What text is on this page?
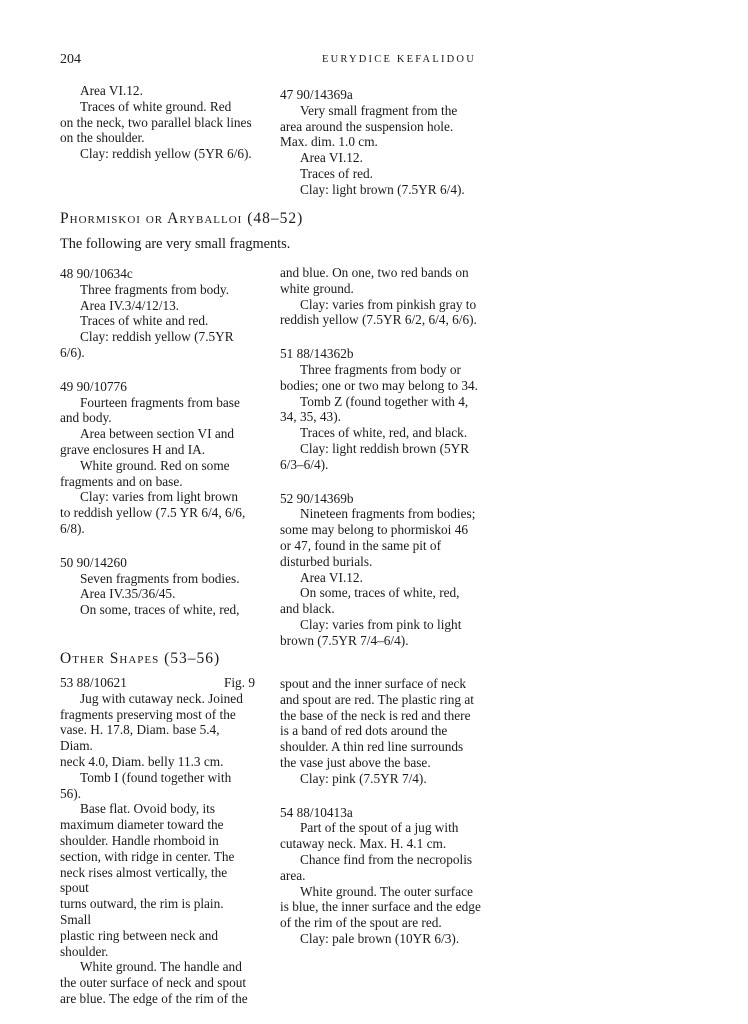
204	EURYDICE KEFALIDOU

Area VI.12.

Traces of white ground. Red

on the neck, two parallel black lines

on the shoulder.

Clay: reddish yellow (5YR 6/6).

47 90/14369a

Very small fragment from the

area around the suspension hole.

Max. dim. 1.0 cm.

Area VI.12.

Traces of red.

Clay: light brown (7.5YR 6/4).

Phormiskoi or Aryballoi (48–52)
The following are very small fragments.

48 90/10634c

Three fragments from body.

Area IV.3/4/12/13.

Traces of white and red.

Clay: reddish yellow (7.5YR

6/6).

49 90/10776

Fourteen fragments from base

and body.

Area between section VI and

grave enclosures H and IA.

White ground. Red on some

fragments and on base.

Clay: varies from light brown

to reddish yellow (7.5 YR 6/4, 6/6,

6/8).

50 90/14260

Seven fragments from bodies.

Area IV.35/36/45.

On some, traces of white, red,

and blue. On one, two red bands on

white ground.

Clay: varies from pinkish gray to

reddish yellow (7.5YR 6/2, 6/4, 6/6).

51 88/14362b

Three fragments from body or

bodies; one or two may belong to 34.

Tomb Z (found together with 4,

34, 35, 43).

Traces of white, red, and black.

Clay: light reddish brown (5YR

6/3–6/4).

52 90/14369b

Nineteen fragments from bodies;

some may belong to phormiskoi 46

or 47, found in the same pit of

disturbed burials.

Area VI.12.

On some, traces of white, red,

and black.

Clay: varies from pink to light

brown (7.5YR 7/4–6/4).

Other Shapes (53–56)

53 88/10621	Fig. 9

Jug with cutaway neck. Joined

fragments preserving most of the

vase. H. 17.8, Diam. base 5.4, Diam.

neck 4.0, Diam. belly 11.3 cm.

Tomb I (found together with

56).

Base flat. Ovoid body, its

maximum diameter toward the

shoulder. Handle rhomboid in

section, with ridge in center. The

neck rises almost vertically, the spout

turns outward, the rim is plain. Small

plastic ring between neck and

shoulder.

White ground. The handle and

the outer surface of neck and spout

are blue. The edge of the rim of the

spout and the inner surface of neck

and spout are red. The plastic ring at

the base of the neck is red and there

is a band of red dots around the

shoulder. A thin red line surrounds

the vase just above the base.

Clay: pink (7.5YR 7/4).

54 88/10413a

Part of the spout of a jug with

cutaway neck. Max. H. 4.1 cm.

Chance find from the necropolis

area.

White ground. The outer surface

is blue, the inner surface and the edge

of the rim of the spout are red.

Clay: pale brown (10YR 6/3).
